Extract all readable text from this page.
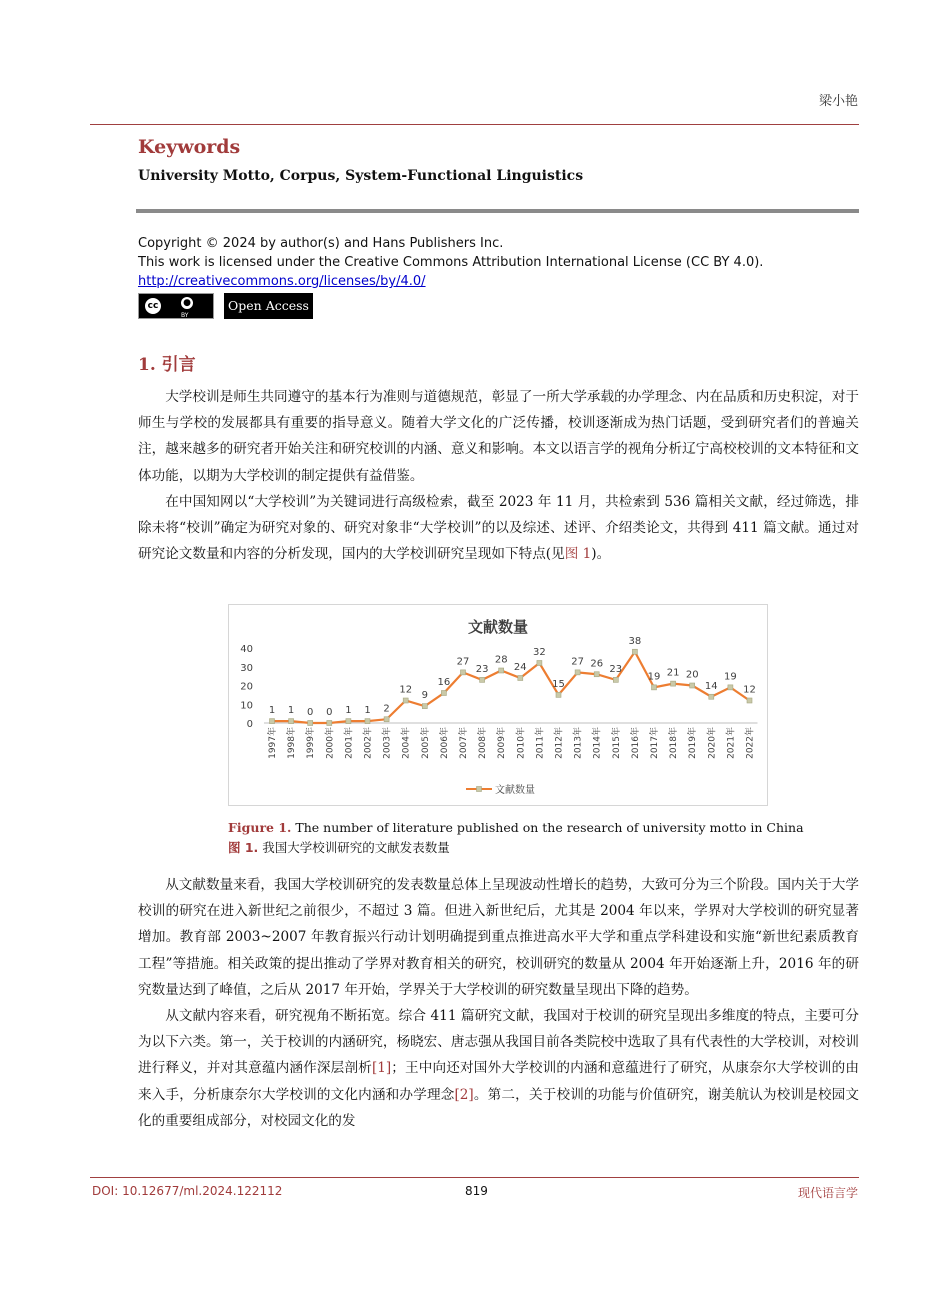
梁小艳
Keywords
University Motto, Corpus, System-Functional Linguistics
Copyright © 2024 by author(s) and Hans Publishers Inc.
This work is licensed under the Creative Commons Attribution International License (CC BY 4.0).
http://creativecommons.org/licenses/by/4.0/
cc	●
BY
Open Access
1. 引言

大学校训是师生共同遵守的基本行为准则与道德规范，彰显了一所大学承载的办学理念、内在品质和历史积淀，对于师生与学校的发展都具有重要的指导意义。随着大学文化的广泛传播，校训逐渐成为热门话题，受到研究者们的普遍关注，越来越多的研究者开始关注和研究校训的内涵、意义和影响。本文以语言学的视角分析辽宁高校校训的文本特征和文体功能，以期为大学校训的制定提供有益借鉴。

在中国知网以“大学校训”为关键词进行高级检索，截至 2023 年 11 月，共检索到 536 篇相关文献，经过筛选，排除未将“校训”确定为研究对象的、研究对象非“大学校训”的以及综述、述评、介绍类论文，共得到 411 篇文献。通过对研究论文数量和内容的分析发现，国内的大学校训研究呈现如下特点(见图 1)。

文献数量
0
10
20
30
40
1
1997年
1
1998年
0
1999年
0
2000年
1
2001年
1
2002年
2
2003年
12
2004年
9
2005年
16
2006年
27
2007年
23
2008年
28
2009年
24
2010年
32
2011年
15
2012年
27
2013年
26
2014年
23
2015年
38
2016年
19
2017年
21
2018年
20
2019年
14
2020年
19
2021年
12
2022年
文献数量
Figure 1. The number of literature published on the research of university motto in China
图 1. 我国大学校训研究的文献发表数量

从文献数量来看，我国大学校训研究的发表数量总体上呈现波动性增长的趋势，大致可分为三个阶段。国内关于大学校训的研究在进入新世纪之前很少，不超过 3 篇。但进入新世纪后，尤其是 2004 年以来，学界对大学校训的研究显著增加。教育部 2003~2007 年教育振兴行动计划明确提到重点推进高水平大学和重点学科建设和实施“新世纪素质教育工程”等措施。相关政策的提出推动了学界对教育相关的研究，校训研究的数量从 2004 年开始逐渐上升，2016 年的研究数量达到了峰值，之后从 2017 年开始，学界关于大学校训的研究数量呈现出下降的趋势。

从文献内容来看，研究视角不断拓宽。综合 411 篇研究文献，我国对于校训的研究呈现出多维度的特点，主要可分为以下六类。第一，关于校训的内涵研究，杨晓宏、唐志强从我国目前各类院校中选取了具有代表性的大学校训，对校训进行释义，并对其意蕴内涵作深层剖析[1]；王中向还对国外大学校训的内涵和意蕴进行了研究，从康奈尔大学校训的由来入手，分析康奈尔大学校训的文化内涵和办学理念[2]。第二，关于校训的功能与价值研究，谢美航认为校训是校园文化的重要组成部分，对校园文化的发

DOI: 10.12677/ml.2024.122112	819	现代语言学
